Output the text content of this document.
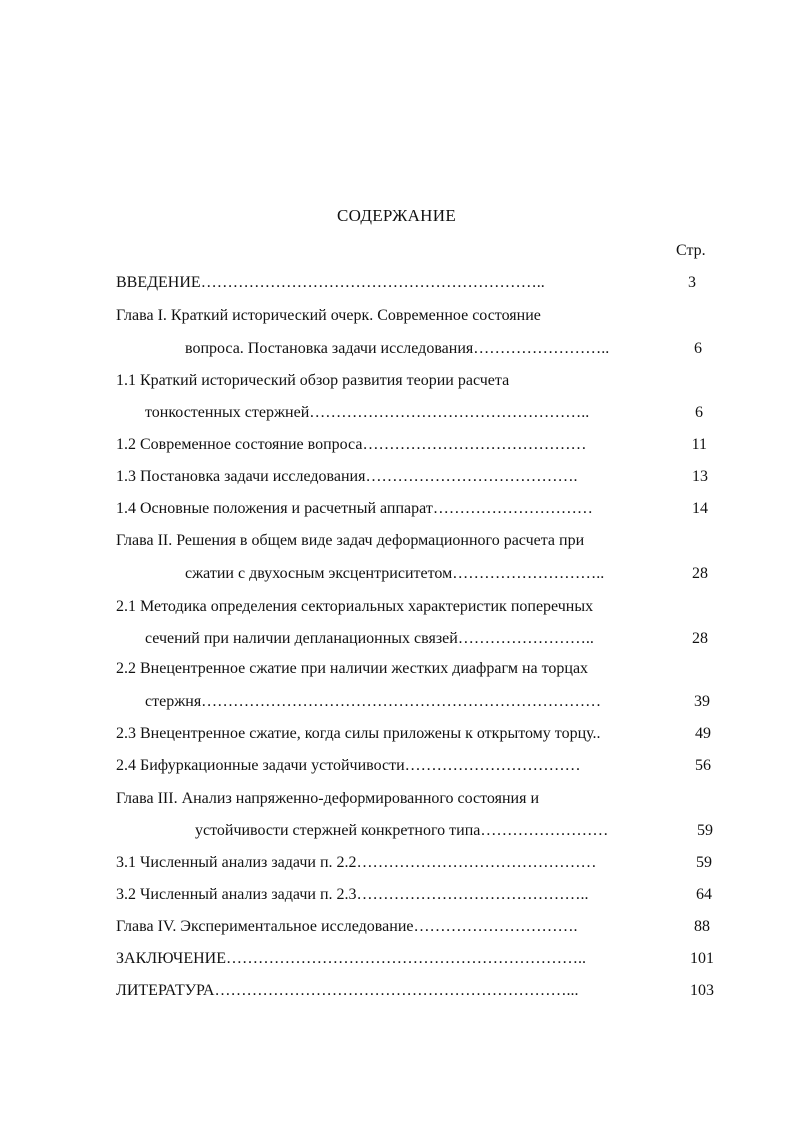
СОДЕРЖАНИЕ
Стр.
ВВЕДЕНИЕ………………………………………………………..	3
Глава I. Краткий исторический очерк. Современное состояние
вопроса. Постановка задачи исследования……………………..	6
1.1 Краткий исторический обзор развития теории расчета
тонкостенных стержней……………………………………………..	6
1.2 Современное состояние вопроса……………………………………	11
1.3 Постановка задачи исследования………………………………….	13
1.4 Основные положения и расчетный аппарат…………………………	14
Глава II. Решения в общем виде задач деформационного расчета при
сжатии с двухосным эксцентриситетом………………………..	28
2.1 Методика определения секториальных характеристик поперечных
сечений при наличии депланационных связей……………………..	28
2.2 Внецентренное сжатие при наличии жестких диафрагм на торцах
стержня…………………………………………………………………	39
2.3 Внецентренное сжатие, когда силы приложены к открытому торцу..	49
2.4 Бифуркационные задачи устойчивости……………………………	56
Глава III. Анализ напряженно-деформированного состояния и
устойчивости стержней конкретного типа……………………	59
3.1 Численный анализ задачи п. 2.2………………………………………	59
3.2 Численный анализ задачи п. 2.3……………………………………..	64
Глава IV. Экспериментальное исследование………………………….	88
ЗАКЛЮЧЕНИЕ…………………………………………………………..	101
ЛИТЕРАТУРА…………………………………………………………...	103
